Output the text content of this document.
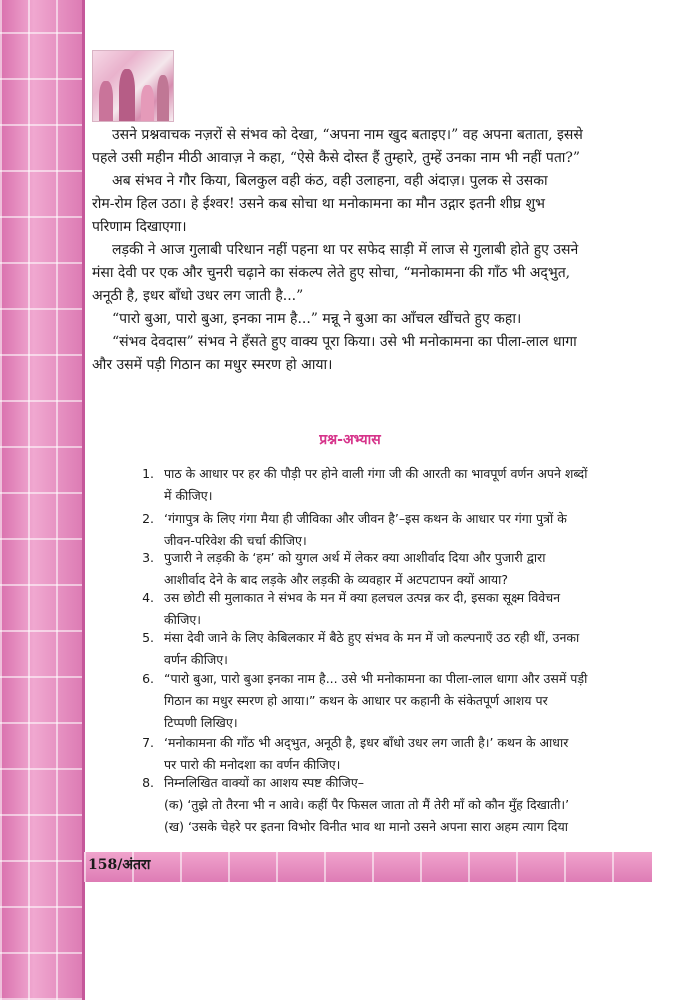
उसने प्रश्नवाचक नज़रों से संभव को देखा, “अपना नाम खुद बताइए।” वह अपना बताता, इससे
पहले उसी महीन मीठी आवाज़ ने कहा, “ऐसे कैसे दोस्त हैं तुम्हारे, तुम्हें उनका नाम भी नहीं पता?”
अब संभव ने गौर किया, बिलकुल वही कंठ, वही उलाहना, वही अंदाज़। पुलक से उसका
रोम-रोम हिल उठा। हे ईश्वर! उसने कब सोचा था मनोकामना का मौन उद्गार इतनी शीघ्र शुभ
परिणाम दिखाएगा।
लड़की ने आज गुलाबी परिधान नहीं पहना था पर सफेद साड़ी में लाज से गुलाबी होते हुए उसने
मंसा देवी पर एक और चुनरी चढ़ाने का संकल्प लेते हुए सोचा, “मनोकामना की गाँठ भी अद्‌भुत,
अनूठी है, इधर बाँधो उधर लग जाती है...”
“पारो बुआ, पारो बुआ, इनका नाम है...” मन्नू ने बुआ का आँचल खींचते हुए कहा।
“संभव देवदास” संभव ने हँसते हुए वाक्य पूरा किया। उसे भी मनोकामना का पीला-लाल धागा
और उसमें पड़ी गिठान का मधुर स्मरण हो आया।
प्रश्न-अभ्यास
1. पाठ के आधार पर हर की पौड़ी पर होने वाली गंगा जी की आरती का भावपूर्ण वर्णन अपने शब्दों
में कीजिए।
2. ‘गंगापुत्र के लिए गंगा मैया ही जीविका और जीवन है’–इस कथन के आधार पर गंगा पुत्रों के
जीवन-परिवेश की चर्चा कीजिए।
3. पुजारी ने लड़की के ‘हम’ को युगल अर्थ में लेकर क्या आशीर्वाद दिया और पुजारी द्वारा
आशीर्वाद देने के बाद लड़के और लड़की के व्यवहार में अटपटापन क्यों आया?
4. उस छोटी सी मुलाकात ने संभव के मन में क्या हलचल उत्पन्न कर दी, इसका सूक्ष्म विवेचन
कीजिए।
5. मंसा देवी जाने के लिए केबिलकार में बैठे हुए संभव के मन में जो कल्पनाएँ उठ रही थीं, उनका
वर्णन कीजिए।
6. “पारो बुआ, पारो बुआ इनका नाम है... उसे भी मनोकामना का पीला-लाल धागा और उसमें पड़ी
गिठान का मधुर स्मरण हो आया।” कथन के आधार पर कहानी के संकेतपूर्ण आशय पर
टिप्पणी लिखिए।
7. ‘मनोकामना की गाँठ भी अद्‌भुत, अनूठी है, इधर बाँधो उधर लग जाती है।’ कथन के आधार
पर पारो की मनोदशा का वर्णन कीजिए।
8. निम्नलिखित वाक्यों का आशय स्पष्ट कीजिए–
(क) ‘तुझे तो तैरना भी न आवे। कहीं पैर फिसल जाता तो मैं तेरी माँ को कौन मुँह दिखाती।’
(ख) ‘उसके चेहरे पर इतना विभोर विनीत भाव था मानो उसने अपना सारा अहम त्याग दिया
158/अंतरा
